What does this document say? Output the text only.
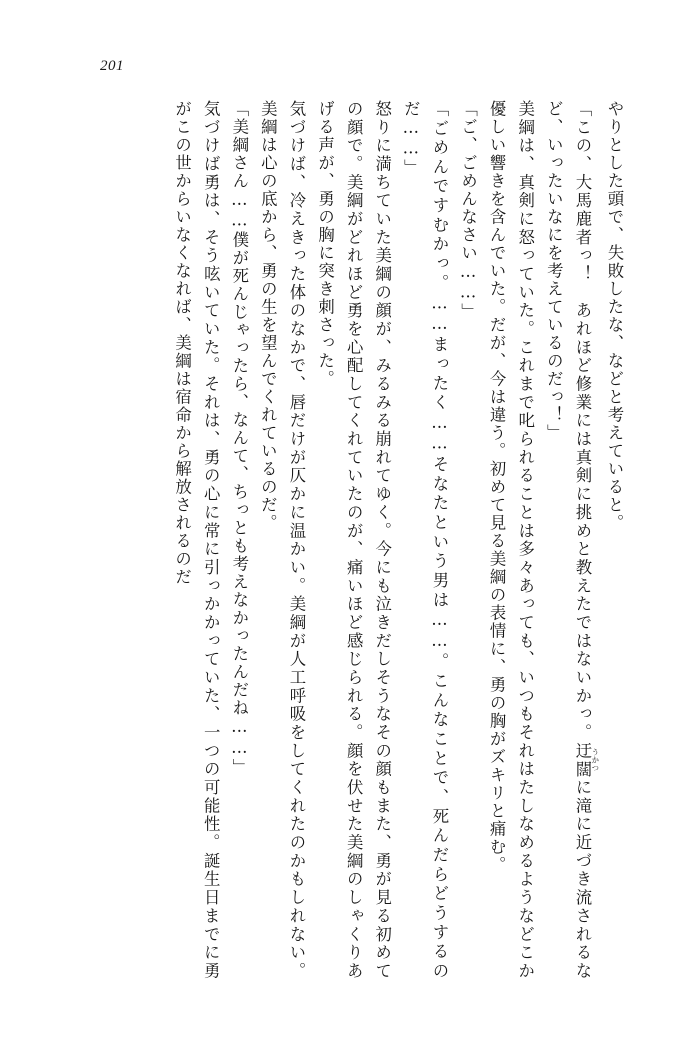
201

やりとした頭で、失敗したな、などと考えていると。

「この、大馬鹿者っ！　あれほど修業には真剣に挑めと教えたではないかっ。迂闊 うかつに滝に近づき流されるなど、いったいなにを考えているのだっ！」

美綱は、真剣に怒っていた。これまで叱られることは多々あっても、いつもそれはたしなめるようなどこか優しい響きを含んでいた。だが、今は違う。初めて見る美綱の表情に、勇の胸がズキリと痛む。

「ご、ごめんなさい……」

「ごめんですむかっ。……まったく……そなたという男は……。こんなことで、死んだらどうするのだ……」

怒りに満ちていた美綱の顔が、みるみる崩れてゆく。今にも泣きだしそうなその顔もまた、勇が見る初めての顔で。美綱がどれほど勇を心配してくれていたのが、痛いほど感じられる。顔を伏せた美綱のしゃくりあげる声が、勇の胸に突き刺さった。

気づけば、冷えきった体のなかで、唇だけが仄かに温かい。美綱が人工呼吸をしてくれたのかもしれない。美綱は心の底から、勇の生を望んでくれているのだ。

「美綱さん……僕が死んじゃったら、なんて、ちっとも考えなかったんだね……」

気づけば勇は、そう呟いていた。それは、勇の心に常に引っかかっていた、一つの可能性。誕生日までに勇がこの世からいなくなれば、美綱は宿命から解放されるのだ
